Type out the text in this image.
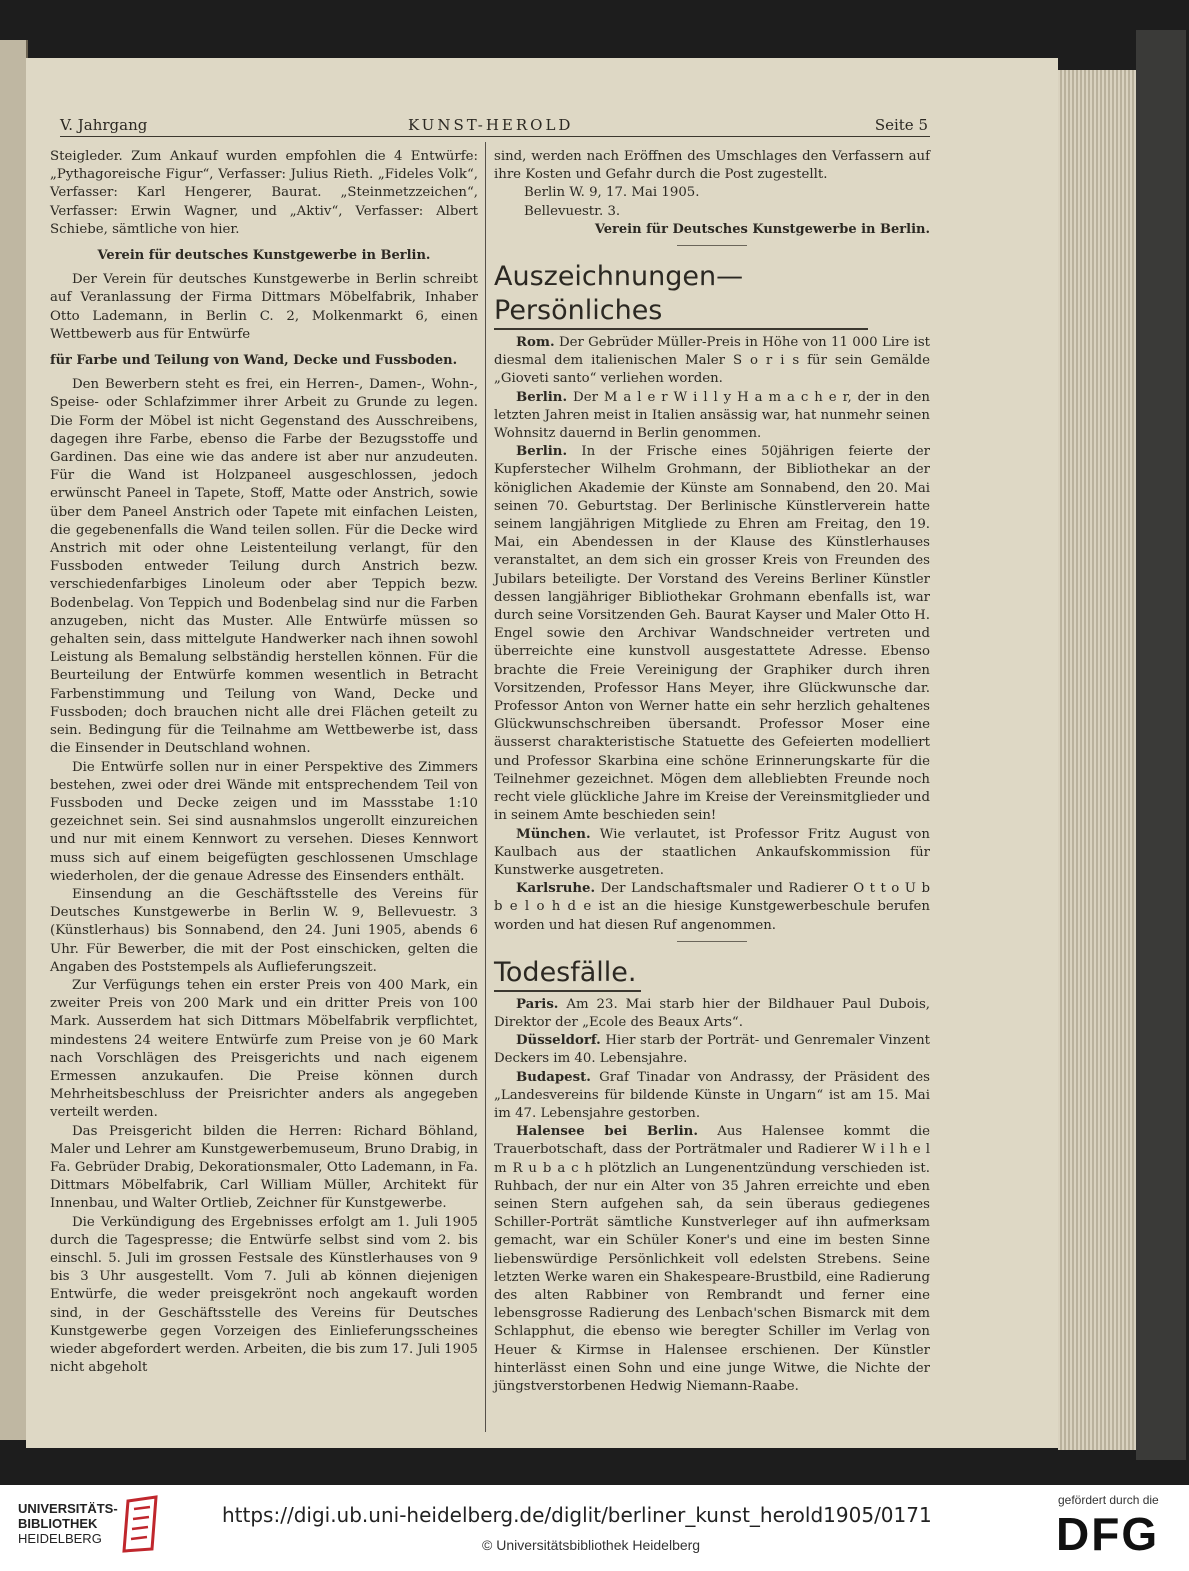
V. Jahrgang	KUNST-HEROLD	Seite 5

Steigleder. Zum Ankauf wurden empfohlen die 4 Entwürfe: „Pythagoreische Figur“, Verfasser: Julius Rieth. „Fideles Volk“, Verfasser: Karl Hengerer, Baurat. „Steinmetzzeichen“, Verfasser: Erwin Wagner, und „Aktiv“, Verfasser: Albert Schiebe, sämtliche von hier.

Verein für deutsches Kunstgewerbe in Berlin.

Der Verein für deutsches Kunstgewerbe in Berlin schreibt auf Veranlassung der Firma Dittmars Möbelfabrik, Inhaber Otto Lademann, in Berlin C. 2, Molkenmarkt 6, einen Wettbewerb aus für Entwürfe

für Farbe und Teilung von Wand, Decke und Fussboden.

Den Bewerbern steht es frei, ein Herren-, Damen-, Wohn-, Speise- oder Schlafzimmer ihrer Arbeit zu Grunde zu legen. Die Form der Möbel ist nicht Gegenstand des Ausschreibens, dagegen ihre Farbe, ebenso die Farbe der Bezugsstoffe und Gardinen. Das eine wie das andere ist aber nur anzudeuten. Für die Wand ist Holzpaneel ausgeschlossen, jedoch erwünscht Paneel in Tapete, Stoff, Matte oder Anstrich, sowie über dem Paneel Anstrich oder Tapete mit einfachen Leisten, die gegebenenfalls die Wand teilen sollen. Für die Decke wird Anstrich mit oder ohne Leistenteilung verlangt, für den Fussboden entweder Teilung durch Anstrich bezw. verschiedenfarbiges Linoleum oder aber Teppich bezw. Bodenbelag. Von Teppich und Bodenbelag sind nur die Farben anzugeben, nicht das Muster. Alle Entwürfe müssen so gehalten sein, dass mittelgute Handwerker nach ihnen sowohl Leistung als Bemalung selbständig herstellen können. Für die Beurteilung der Entwürfe kommen wesentlich in Betracht Farbenstimmung und Teilung von Wand, Decke und Fussboden; doch brauchen nicht alle drei Flächen geteilt zu sein. Bedingung für die Teilnahme am Wettbewerbe ist, dass die Einsender in Deutschland wohnen.

Die Entwürfe sollen nur in einer Perspektive des Zimmers bestehen, zwei oder drei Wände mit entsprechendem Teil von Fussboden und Decke zeigen und im Massstabe 1:10 gezeichnet sein. Sei sind ausnahmslos ungerollt einzureichen und nur mit einem Kennwort zu versehen. Dieses Kennwort muss sich auf einem beigefügten geschlossenen Umschlage wiederholen, der die genaue Adresse des Einsenders enthält.

Einsendung an die Geschäftsstelle des Vereins für Deutsches Kunstgewerbe in Berlin W. 9, Bellevuestr. 3 (Künstlerhaus) bis Sonnabend, den 24. Juni 1905, abends 6 Uhr. Für Bewerber, die mit der Post einschicken, gelten die Angaben des Poststempels als Auflieferungszeit.

Zur Verfügungs tehen ein erster Preis von 400 Mark, ein zweiter Preis von 200 Mark und ein dritter Preis von 100 Mark. Ausserdem hat sich Dittmars Möbelfabrik verpflichtet, mindestens 24 weitere Entwürfe zum Preise von je 60 Mark nach Vorschlägen des Preisgerichts und nach eigenem Ermessen anzukaufen. Die Preise können durch Mehrheitsbeschluss der Preisrichter anders als angegeben verteilt werden.

Das Preisgericht bilden die Herren: Richard Böhland, Maler und Lehrer am Kunstgewerbemuseum, Bruno Drabig, in Fa. Gebrüder Drabig, Dekorationsmaler, Otto Lademann, in Fa. Dittmars Möbelfabrik, Carl William Müller, Architekt für Innenbau, und Walter Ortlieb, Zeichner für Kunstgewerbe.

Die Verkündigung des Ergebnisses erfolgt am 1. Juli 1905 durch die Tagespresse; die Entwürfe selbst sind vom 2. bis einschl. 5. Juli im grossen Festsale des Künstlerhauses von 9 bis 3 Uhr ausgestellt. Vom 7. Juli ab können diejenigen Entwürfe, die weder preisgekrönt noch angekauft worden sind, in der Geschäftsstelle des Vereins für Deutsches Kunstgewerbe gegen Vorzeigen des Einlieferungsscheines wieder abgefordert werden. Arbeiten, die bis zum 17. Juli 1905 nicht abgeholt

sind, werden nach Eröffnen des Umschlages den Verfassern auf ihre Kosten und Gefahr durch die Post zugestellt.

Berlin W. 9, 17. Mai 1905.

Bellevuestr. 3.

Verein für Deutsches Kunstgewerbe in Berlin.
Auszeichnungen—Persönliches

Rom. Der Gebrüder Müller-Preis in Höhe von 11 000 Lire ist diesmal dem italienischen Maler S o r i s für sein Gemälde „Gioveti santo“ verliehen worden.

Berlin. Der M a l e r W i l l y H a m a c h e r, der in den letzten Jahren meist in Italien ansässig war, hat nunmehr seinen Wohnsitz dauernd in Berlin genommen.

Berlin. In der Frische eines 50jährigen feierte der Kupferstecher Wilhelm Grohmann, der Bibliothekar an der königlichen Akademie der Künste am Sonnabend, den 20. Mai seinen 70. Geburtstag. Der Berlinische Künstlerverein hatte seinem langjährigen Mitgliede zu Ehren am Freitag, den 19. Mai, ein Abendessen in der Klause des Künstlerhauses veranstaltet, an dem sich ein grosser Kreis von Freunden des Jubilars beteiligte. Der Vorstand des Vereins Berliner Künstler dessen langjähriger Bibliothekar Grohmann ebenfalls ist, war durch seine Vorsitzenden Geh. Baurat Kayser und Maler Otto H. Engel sowie den Archivar Wandschneider vertreten und überreichte eine kunstvoll ausgestattete Adresse. Ebenso brachte die Freie Vereinigung der Graphiker durch ihren Vorsitzenden, Professor Hans Meyer, ihre Glückwunsche dar. Professor Anton von Werner hatte ein sehr herzlich gehaltenes Glückwunschschreiben übersandt. Professor Moser eine äusserst charakteristische Statuette des Gefeierten modelliert und Professor Skarbina eine schöne Erinnerungskarte für die Teilnehmer gezeichnet. Mögen dem allebliebten Freunde noch recht viele glückliche Jahre im Kreise der Vereinsmitglieder und in seinem Amte beschieden sein!

München. Wie verlautet, ist Professor Fritz August von Kaulbach aus der staatlichen Ankaufskommission für Kunstwerke ausgetreten.

Karlsruhe. Der Landschaftsmaler und Radierer O t t o U b b e l o h d e ist an die hiesige Kunstgewerbeschule berufen worden und hat diesen Ruf angenommen.

Todesfälle.

Paris. Am 23. Mai starb hier der Bildhauer Paul Dubois, Direktor der „Ecole des Beaux Arts“.

Düsseldorf. Hier starb der Porträt- und Genremaler Vinzent Deckers im 40. Lebensjahre.

Budapest. Graf Tinadar von Andrassy, der Präsident des „Landesvereins für bildende Künste in Ungarn“ ist am 15. Mai im 47. Lebensjahre gestorben.

Halensee bei Berlin. Aus Halensee kommt die Trauerbotschaft, dass der Porträtmaler und Radierer W i l h e l m R u b a c h plötzlich an Lungenentzündung verschieden ist. Ruhbach, der nur ein Alter von 35 Jahren erreichte und eben seinen Stern aufgehen sah, da sein überaus gediegenes Schiller-Porträt sämtliche Kunstverleger auf ihn aufmerksam gemacht, war ein Schüler Koner's und eine im besten Sinne liebenswürdige Persönlichkeit voll edelsten Strebens. Seine letzten Werke waren ein Shakespeare-Brustbild, eine Radierung des alten Rabbiner von Rembrandt und ferner eine lebensgrosse Radierung des Lenbach'schen Bismarck mit dem Schlapphut, die ebenso wie beregter Schiller im Verlag von Heuer & Kirmse in Halensee erschienen. Der Künstler hinterlässt einen Sohn und eine junge Witwe, die Nichte der jüngstverstorbenen Hedwig Niemann-Raabe.

UNIVERSITÄTS-
BIBLIOTHEK
HEIDELBERG
https://digi.ub.uni-heidelberg.de/diglit/berliner_kunst_herold1905/0171
© Universitätsbibliothek Heidelberg
gefördert durch die
DFG
